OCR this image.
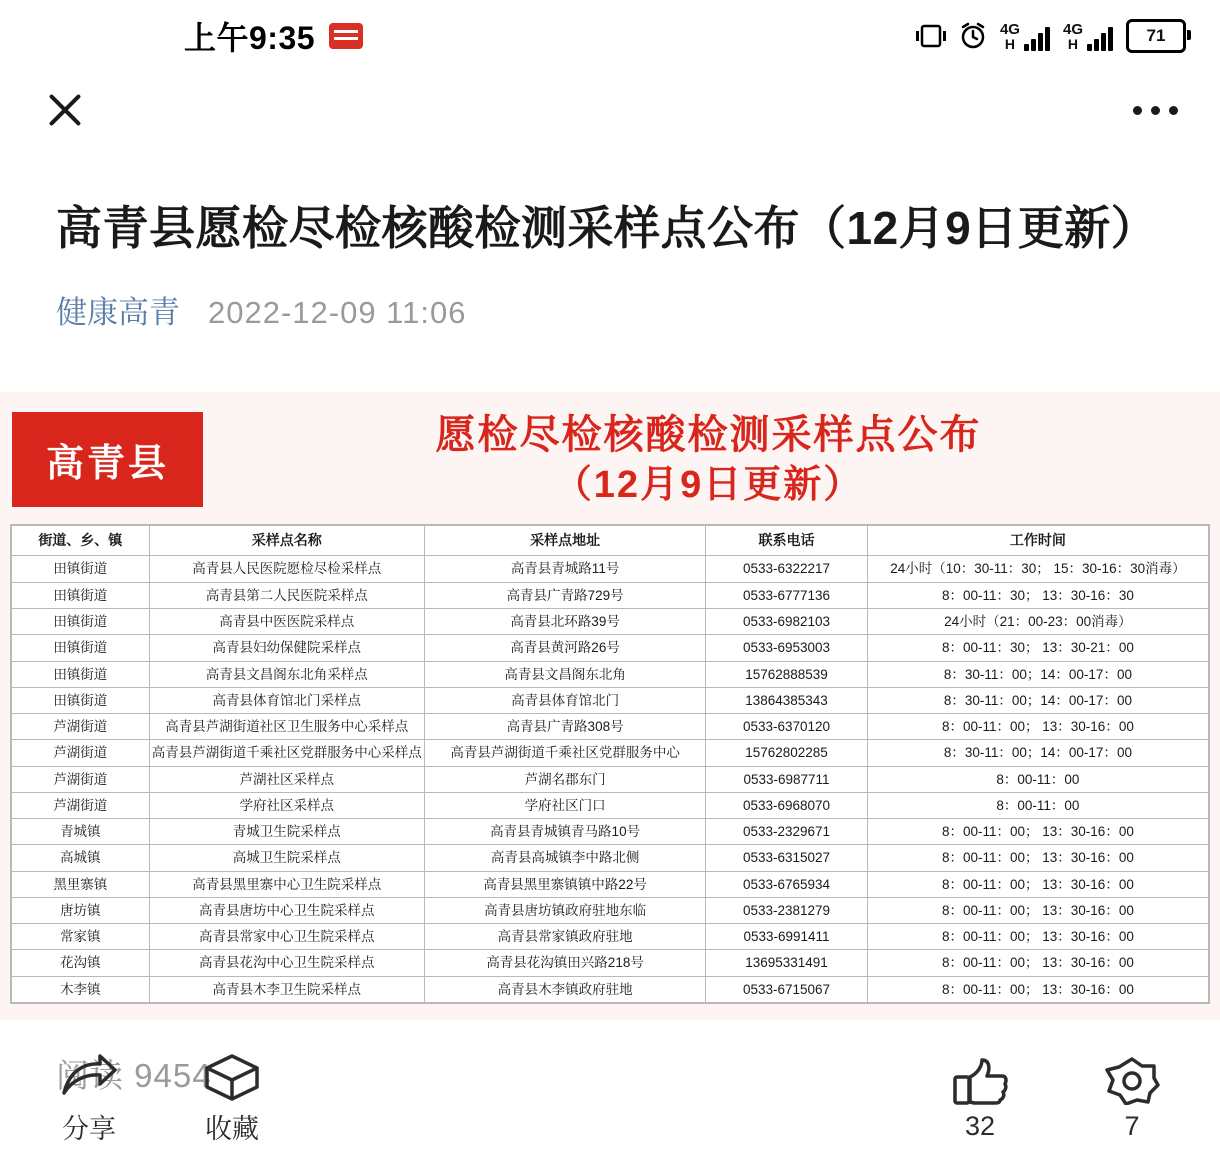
上午9:35	4G
H
4G
H	71
高青县愿检尽检核酸检测采样点公布（12月9日更新）
健康高青 2022-12-09 11:06
高青县
愿检尽检核酸检测采样点公布
（12月9日更新）
街道、乡、镇	采样点名称	采样点地址	联系电话	工作时间
田镇街道	高青县人民医院愿检尽检采样点	高青县青城路11号	0533-6322217	24小时（10：30-11：30； 15：30-16：30消毒）
田镇街道	高青县第二人民医院采样点	高青县广青路729号	0533-6777136	8：00-11：30； 13：30-16：30
田镇街道	高青县中医医院采样点	高青县北环路39号	0533-6982103	24小时（21：00-23：00消毒）
田镇街道	高青县妇幼保健院采样点	高青县黄河路26号	0533-6953003	8：00-11：30； 13：30-21：00
田镇街道	高青县文昌阁东北角采样点	高青县文昌阁东北角	15762888539	8：30-11：00；14：00-17：00
田镇街道	高青县体育馆北门采样点	高青县体育馆北门	13864385343	8：30-11：00；14：00-17：00
芦湖街道	高青县芦湖街道社区卫生服务中心采样点	高青县广青路308号	0533-6370120	8：00-11：00； 13：30-16：00
芦湖街道	高青县芦湖街道千乘社区党群服务中心采样点	高青县芦湖街道千乘社区党群服务中心	15762802285	8：30-11：00；14：00-17：00
芦湖街道	芦湖社区采样点	芦湖名郡东门	0533-6987711	8：00-11：00
芦湖街道	学府社区采样点	学府社区门口	0533-6968070	8：00-11：00
青城镇	青城卫生院采样点	高青县青城镇青马路10号	0533-2329671	8：00-11：00； 13：30-16：00
高城镇	高城卫生院采样点	高青县高城镇李中路北侧	0533-6315027	8：00-11：00； 13：30-16：00
黑里寨镇	高青县黑里寨中心卫生院采样点	高青县黑里寨镇镇中路22号	0533-6765934	8：00-11：00； 13：30-16：00
唐坊镇	高青县唐坊中心卫生院采样点	高青县唐坊镇政府驻地东临	0533-2381279	8：00-11：00； 13：30-16：00
常家镇	高青县常家中心卫生院采样点	高青县常家镇政府驻地	0533-6991411	8：00-11：00； 13：30-16：00
花沟镇	高青县花沟中心卫生院采样点	高青县花沟镇田兴路218号	13695331491	8：00-11：00； 13：30-16：00
木李镇	高青县木李卫生院采样点	高青县木李镇政府驻地	0533-6715067	8：00-11：00； 13：30-16：00
阅读 9454
分享	收藏	32	7
